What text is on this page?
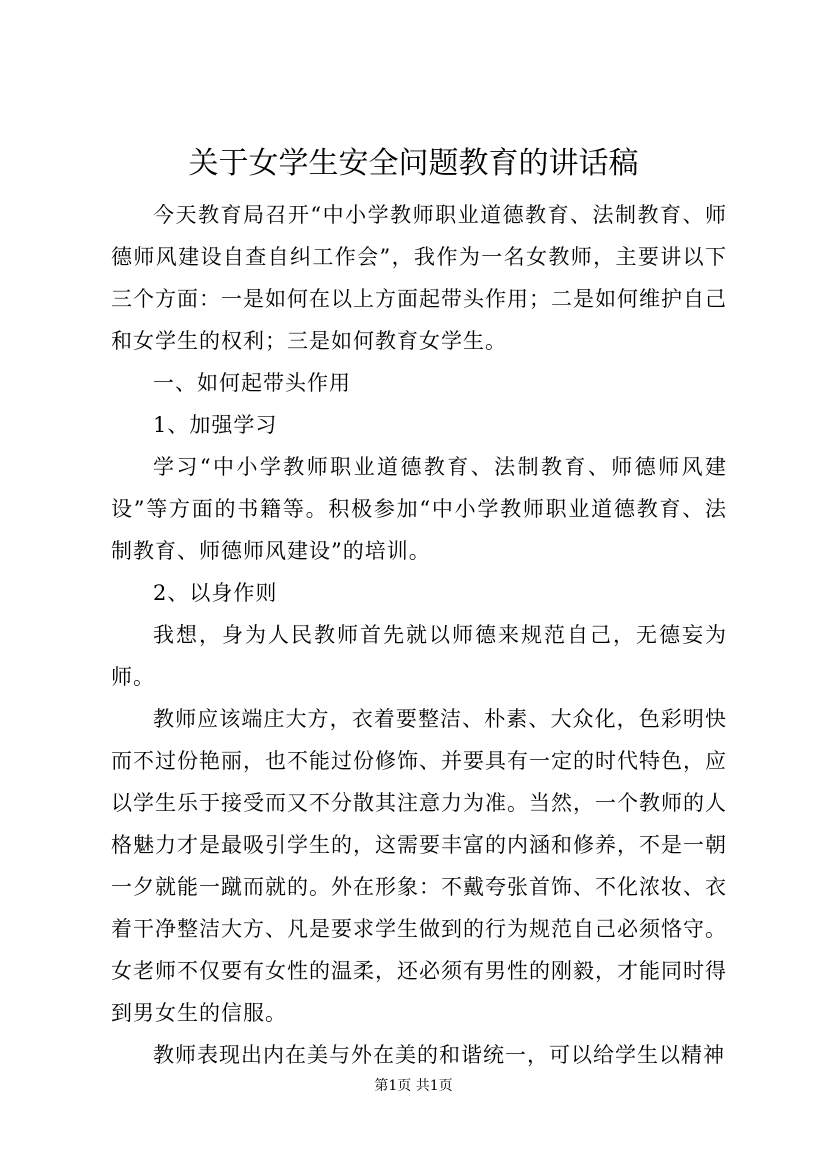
关于女学生安全问题教育的讲话稿

今天教育局召开“中小学教师职业道德教育、法制教育、师德师风建设自查自纠工作会”，我作为一名女教师，主要讲以下三个方面：一是如何在以上方面起带头作用；二是如何维护自己和女学生的权利；三是如何教育女学生。

一、如何起带头作用

1、加强学习

学习“中小学教师职业道德教育、法制教育、师德师风建设”等方面的书籍等。积极参加“中小学教师职业道德教育、法制教育、师德师风建设”的培训。

2、以身作则

我想，身为人民教师首先就以师德来规范自己，无德妄为师。

教师应该端庄大方，衣着要整洁、朴素、大众化，色彩明快而不过份艳丽，也不能过份修饰、并要具有一定的时代特色，应以学生乐于接受而又不分散其注意力为准。当然，一个教师的人格魅力才是最吸引学生的，这需要丰富的内涵和修养，不是一朝一夕就能一蹴而就的。外在形象：不戴夸张首饰、不化浓妆、衣着干净整洁大方、凡是要求学生做到的行为规范自己必须恪守。女老师不仅要有女性的温柔，还必须有男性的刚毅，才能同时得到男女生的信服。

教师表现出内在美与外在美的和谐统一，可以给学生以精神

第1页 共1页
